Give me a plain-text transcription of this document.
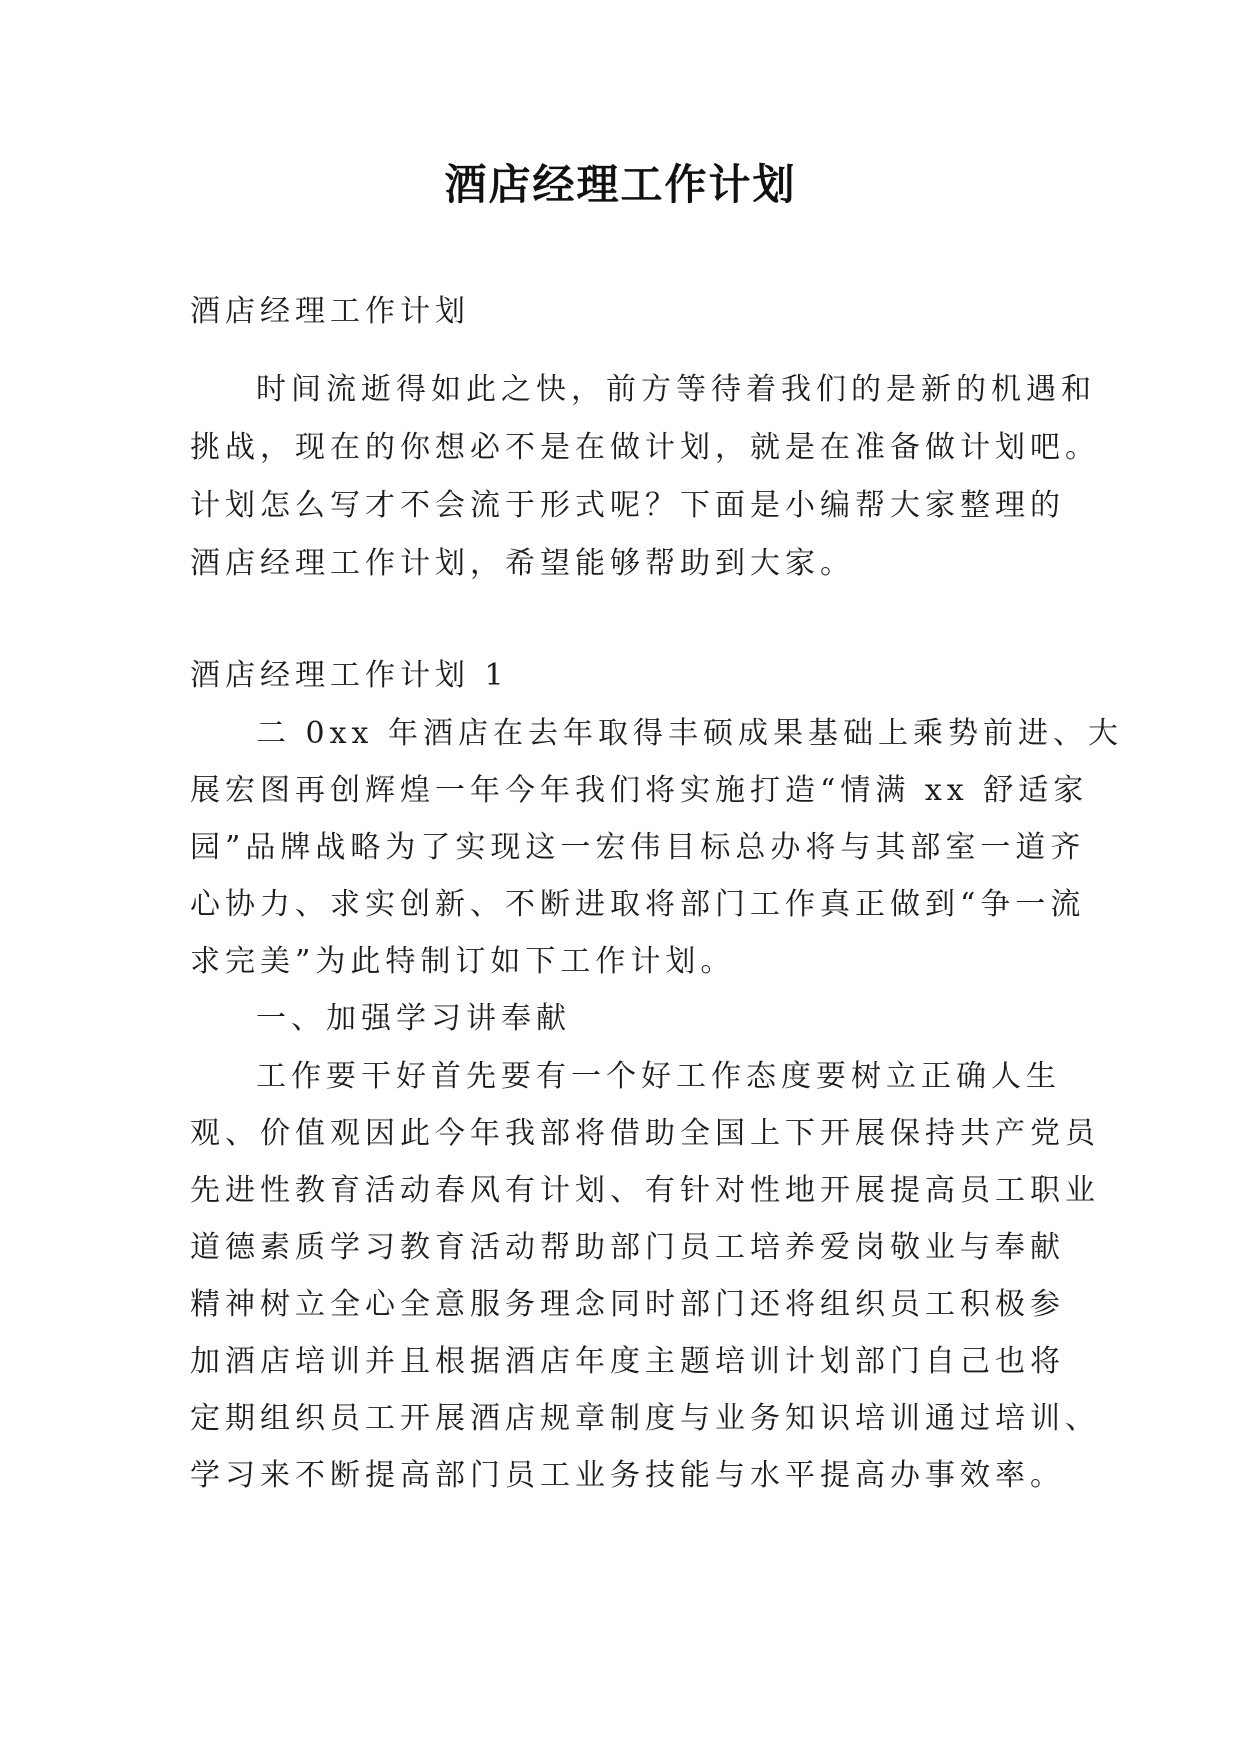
酒店经理工作计划

酒店经理工作计划

时间流逝得如此之快，前方等待着我们的是新的机遇和

挑战，现在的你想必不是在做计划，就是在准备做计划吧。

计划怎么写才不会流于形式呢？下面是小编帮大家整理的

酒店经理工作计划，希望能够帮助到大家。

酒店经理工作计划 1

二 0xx 年酒店在去年取得丰硕成果基础上乘势前进、大

展宏图再创辉煌一年今年我们将实施打造“情满 xx 舒适家

园”品牌战略为了实现这一宏伟目标总办将与其部室一道齐

心协力、求实创新、不断进取将部门工作真正做到“争一流

求完美”为此特制订如下工作计划。

一、加强学习讲奉献

工作要干好首先要有一个好工作态度要树立正确人生

观、价值观因此今年我部将借助全国上下开展保持共产党员

先进性教育活动春风有计划、有针对性地开展提高员工职业

道德素质学习教育活动帮助部门员工培养爱岗敬业与奉献

精神树立全心全意服务理念同时部门还将组织员工积极参

加酒店培训并且根据酒店年度主题培训计划部门自己也将

定期组织员工开展酒店规章制度与业务知识培训通过培训、

学习来不断提高部门员工业务技能与水平提高办事效率。
